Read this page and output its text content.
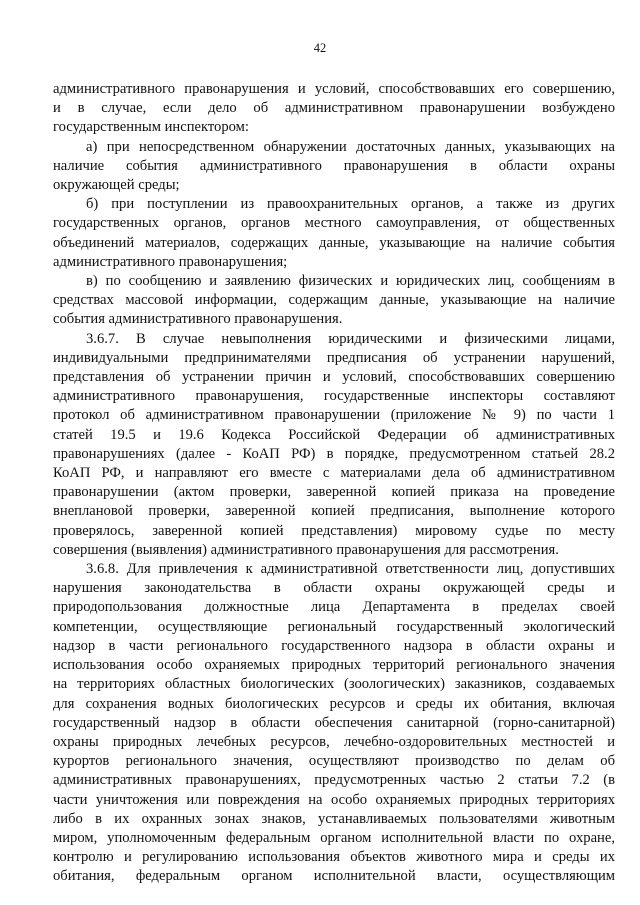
42
административного правонарушения и условий, способствовавших его совершению,
и в случае, если дело об административном правонарушении возбуждено
государственным инспектором:
а) при непосредственном обнаружении достаточных данных, указывающих на
наличие события административного правонарушения в области охраны
окружающей среды;
б) при поступлении из правоохранительных органов, а также из других
государственных органов, органов местного самоуправления, от общественных
объединений материалов, содержащих данные, указывающие на наличие события
административного правонарушения;
в) по сообщению и заявлению физических и юридических лиц, сообщениям в
средствах массовой информации, содержащим данные, указывающие на наличие
события административного правонарушения.
3.6.7. В случае невыполнения юридическими и физическими лицами,
индивидуальными предпринимателями предписания об устранении нарушений,
представления об устранении причин и условий, способствовавших совершению
административного правонарушения, государственные инспекторы составляют
протокол об административном правонарушении (приложение № 9) по части 1
статей 19.5 и 19.6 Кодекса Российской Федерации об административных
правонарушениях (далее - КоАП РФ) в порядке, предусмотренном статьей 28.2
КоАП РФ, и направляют его вместе с материалами дела об административном
правонарушении (актом проверки, заверенной копией приказа на проведение
внеплановой проверки, заверенной копией предписания, выполнение которого
проверялось, заверенной копией представления) мировому судье по месту
совершения (выявления) административного правонарушения для рассмотрения.
3.6.8. Для привлечения к административной ответственности лиц, допустивших
нарушения законодательства в области охраны окружающей среды и
природопользования должностные лица Департамента в пределах своей
компетенции, осуществляющие региональный государственный экологический
надзор в части регионального государственного надзора в области охраны и
использования особо охраняемых природных территорий регионального значения
на территориях областных биологических (зоологических) заказников, создаваемых
для сохранения водных биологических ресурсов и среды их обитания, включая
государственный надзор в области обеспечения санитарной (горно-санитарной)
охраны природных лечебных ресурсов, лечебно-оздоровительных местностей и
курортов регионального значения, осуществляют производство по делам об
административных правонарушениях, предусмотренных частью 2 статьи 7.2 (в
части уничтожения или повреждения на особо охраняемых природных территориях
либо в их охранных зонах знаков, устанавливаемых пользователями животным
миром, уполномоченным федеральным органом исполнительной власти по охране,
контролю и регулированию использования объектов животного мира и среды их
обитания, федеральным органом исполнительной власти, осуществляющим
